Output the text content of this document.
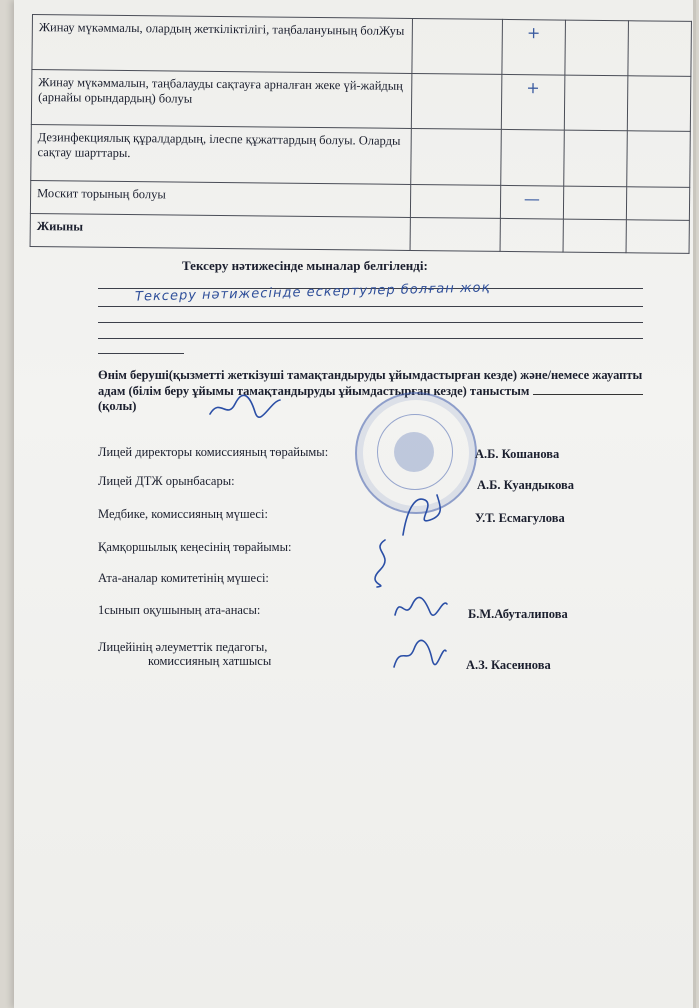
Жинау мүкәммалы, олардың жеткіліктілігі, таңбалануының болЖуы		+		
Жинау мүкәммалын, таңбалауды сақтауға арналған жеке үй-жайдың (арнайы орындардың) болуы		+		
Дезинфекциялық құралдардың, ілеспе құжаттардың болуы. Оларды сақтау шарттары.				
Москит торының болуы		—		
Жиыны				
Тексеру нәтижесінде мыналар белгіленді:
Тексеру нәтижесінде ескертулер болған жоқ
Өнім беруші(қызметті жеткізуші тамақтандыруды ұйымдастырған кезде) және/немесе жауапты адам (білім беру ұйымы тамақтандыруды ұйымдастырған кезде) таныстым  (қолы)
Лицей директоры комиссияның төрайымы:	А.Б. Кошанова
Лицей ДТЖ орынбасары:	А.Б. Куандыкова
Медбике, комиссияның мүшесі:	У.Т. Есмагулова
Қамқоршылық кеңесінің төрайымы:
Ата-аналар комитетінің мүшесі:
1сынып оқушының ата-анасы:	Б.М.Абуталипова
Лицейінің әлеуметтік педагогы,
комиссияның хатшысы	А.З. Касеинова
